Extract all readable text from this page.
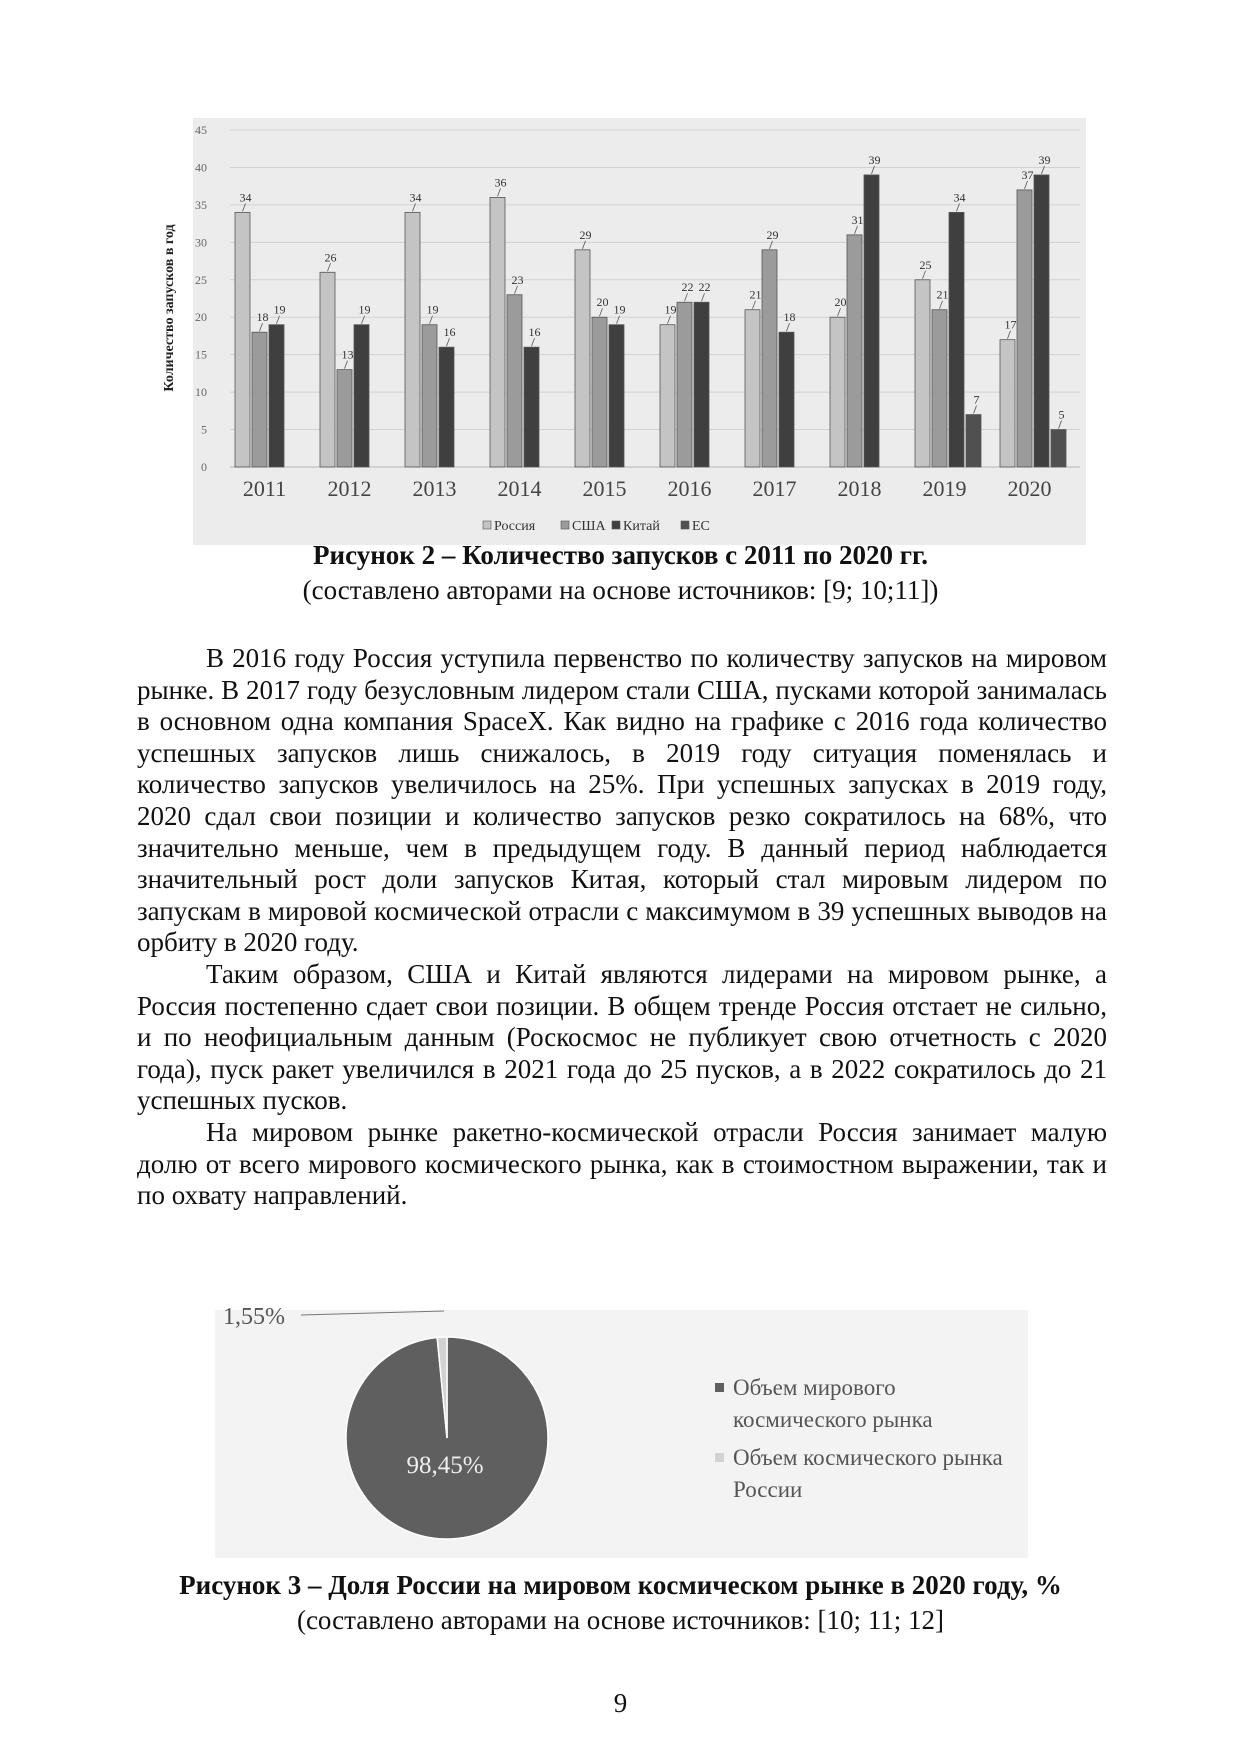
0
5
10
15
20
25
30
35
40
45
Количество запусков в год
34
18
19
2011
26
13
19
2012
34
19
16
2013
36
23
16
2014
29
20
19
2015
19
22 22
2016
21
29
18
2017
20
31
39
2018
25
21
34
7
2019
17
37
39
5
2020
Россия	США Китай ЕС
Рисунок 2 – Количество запусков с 2011 по 2020 гг.
(составлено авторами на основе источников: [9; 10;11])

В 2016 году Россия уступила первенство по количеству запусков на мировом рынке. В 2017 году безусловным лидером стали США, пусками которой занималась в основном одна компания SpaceX. Как видно на графике с 2016 года количество успешных запусков лишь снижалось, в 2019 году ситуация поменялась и количество запусков увеличилось на 25%. При успешных запусках в 2019 году, 2020 сдал свои позиции и количество запусков резко сократилось на 68%, что значительно меньше, чем в предыдущем году. В данный период наблюдается значительный рост доли запусков Китая, который стал мировым лидером по запускам в мировой космической отрасли с максимумом в 39 успешных выводов на орбиту в 2020 году.

Таким образом, США и Китай являются лидерами на мировом рынке, а Россия постепенно сдает свои позиции. В общем тренде Россия отстает не сильно, и по неофициальным данным (Роскосмос не публикует свою отчетность с 2020 года), пуск ракет увеличился в 2021 года до 25 пусков, а в 2022 сократилось до 21 успешных пусков.

На мировом рынке ракетно-космической отрасли Россия занимает малую долю от всего мирового космического рынка, как в стоимостном выражении, так и по охвату направлений.

98,45%
1,55%
Объем мирового космического рынка
Объем космического рынка России
Рисунок 3 – Доля России на мировом космическом рынке в 2020 году, %
(составлено авторами на основе источников: [10; 11; 12]
9
